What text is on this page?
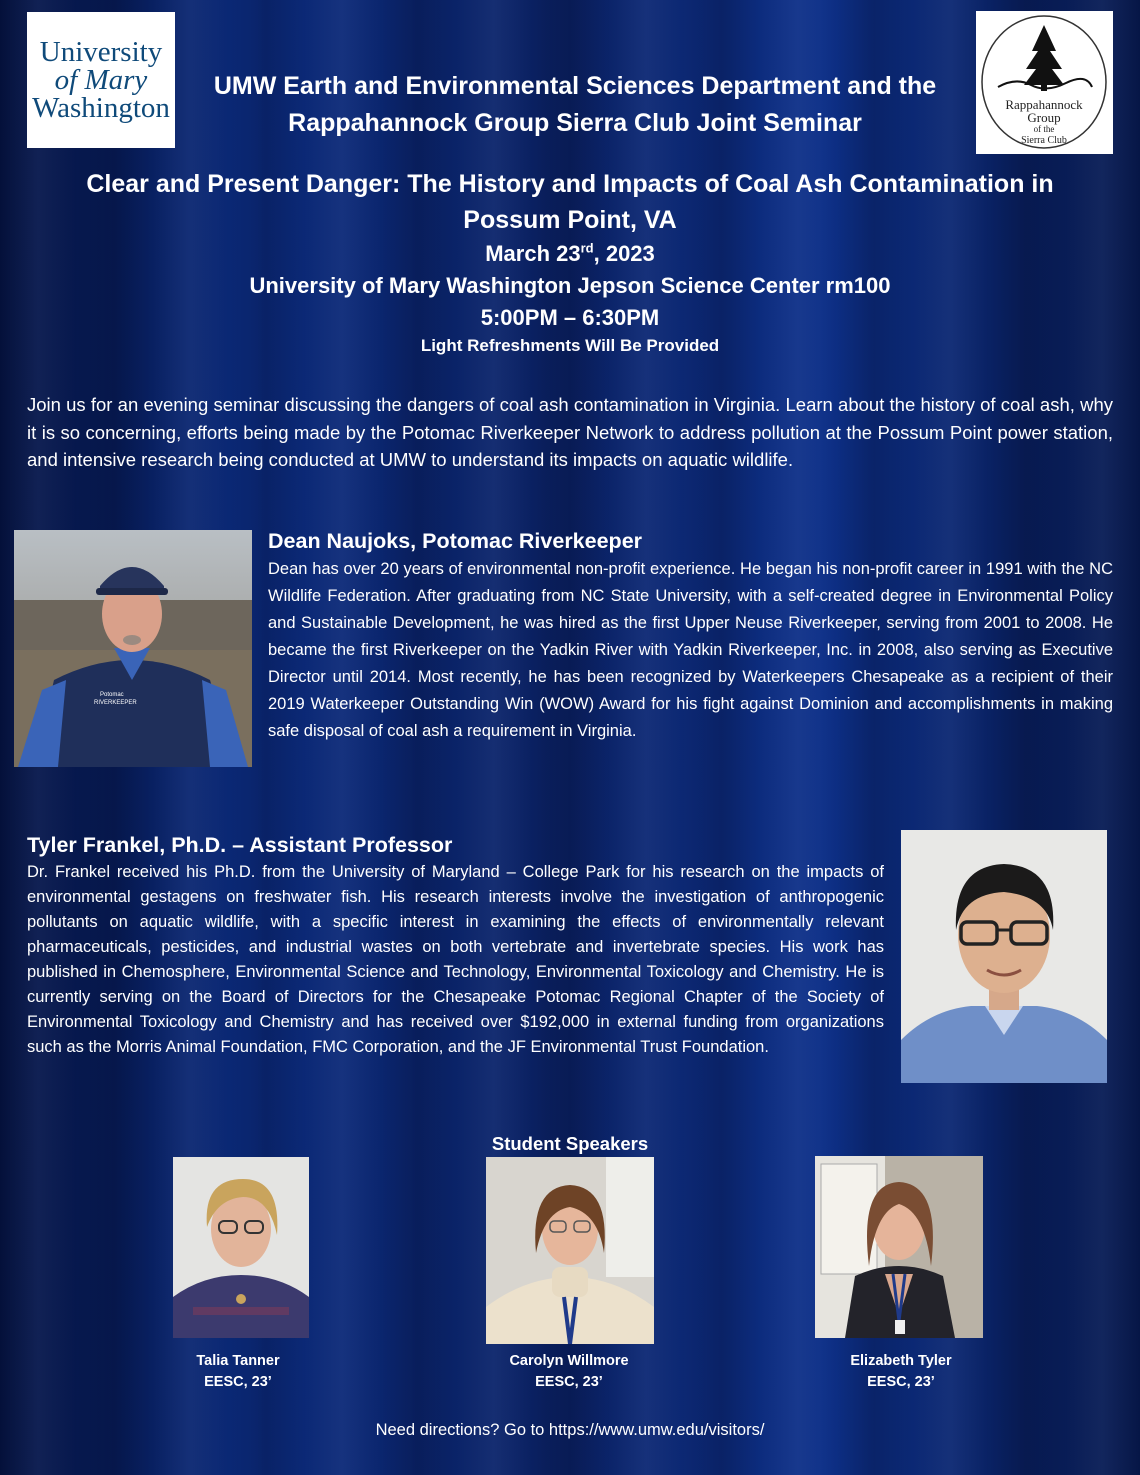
University
of Mary
Washington	Rappahannock
Group
of the
Sierra Club
UMW Earth and Environmental Sciences Department and the
Rappahannock Group Sierra Club Joint Seminar
Clear and Present Danger: The History and Impacts of Coal Ash Contamination in
Possum Point, VA
March 23rd, 2023
University of Mary Washington Jepson Science Center rm100
5:00PM – 6:30PM
Light Refreshments Will Be Provided
Join us for an evening seminar discussing the dangers of coal ash contamination in Virginia. Learn about the history of coal ash, why it is so concerning, efforts being made by the Potomac Riverkeeper Network to address pollution at the Possum Point power station, and intensive research being conducted at UMW to understand its impacts on aquatic wildlife.
Potomac
RIVERKEEPER
Dean Naujoks, Potomac Riverkeeper
Dean has over 20 years of environmental non-profit experience. He began his non-profit career in 1991 with the NC Wildlife Federation. After graduating from NC State University, with a self-created degree in Environmental Policy and Sustainable Development, he was hired as the first Upper Neuse Riverkeeper, serving from 2001 to 2008. He became the first Riverkeeper on the Yadkin River with Yadkin Riverkeeper, Inc. in 2008, also serving as Executive Director until 2014. Most recently, he has been recognized by Waterkeepers Chesapeake as a recipient of their 2019 Waterkeeper Outstanding Win (WOW) Award for his fight against Dominion and accomplishments in making safe disposal of coal ash a requirement in Virginia.
Tyler Frankel, Ph.D. – Assistant Professor
Dr. Frankel received his Ph.D. from the University of Maryland – College Park for his research on the impacts of environmental gestagens on freshwater fish. His research interests involve the investigation of anthropogenic pollutants on aquatic wildlife, with a specific interest in examining the effects of environmentally relevant pharmaceuticals, pesticides, and industrial wastes on both vertebrate and invertebrate species. His work has published in Chemosphere, Environmental Science and Technology, Environmental Toxicology and Chemistry. He is currently serving on the Board of Directors for the Chesapeake Potomac Regional Chapter of the Society of Environmental Toxicology and Chemistry and has received over $192,000 in external funding from organizations such as the Morris Animal Foundation, FMC Corporation, and the JF Environmental Trust Foundation.
Student Speakers
Talia Tanner
EESC, 23’
Carolyn Willmore
EESC, 23’
Elizabeth Tyler
EESC, 23’
Need directions? Go to https://www.umw.edu/visitors/
